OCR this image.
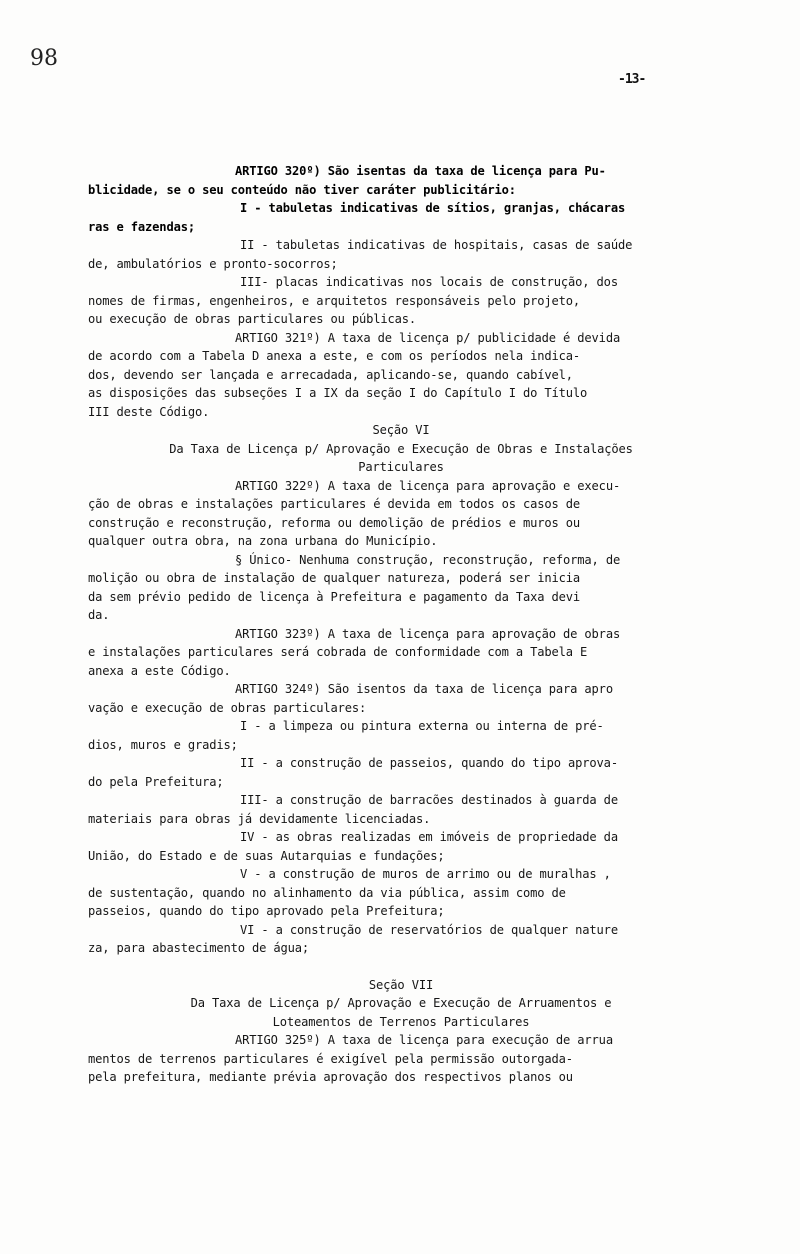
98
-13-
ARTIGO 320º) São isentas da taxa de licença para Pu-
blicidade, se o seu conteúdo não tiver caráter publicitário:
I - tabuletas indicativas de sítios, granjas, chácaras
ras e fazendas;
II - tabuletas indicativas de hospitais, casas de saúde
de, ambulatórios e pronto-socorros;
III- placas indicativas nos locais de construção, dos
nomes de firmas, engenheiros, e arquitetos responsáveis pelo projeto,
ou execução de obras particulares ou públicas.
ARTIGO 321º) A taxa de licença p/ publicidade é devida
de acordo com a Tabela D anexa a este, e com os períodos nela indica-
dos, devendo ser lançada e arrecadada, aplicando-se, quando cabível,
as disposições das subseções I a IX da seção I do Capítulo I do Título
III deste Código.
Seção VI
Da Taxa de Licença p/ Aprovação e Execução de Obras e Instalações
Particulares
ARTIGO 322º) A taxa de licença para aprovação e execu-
ção de obras e instalações particulares é devida em todos os casos de
construção e reconstrução, reforma ou demolição de prédios e muros ou
qualquer outra obra, na zona urbana do Município.
§ Único- Nenhuma construção, reconstrução, reforma, de
molição ou obra de instalação de qualquer natureza, poderá ser inicia
da sem prévio pedido de licença à Prefeitura e pagamento da Taxa devi
da.
ARTIGO 323º) A taxa de licença para aprovação de obras
e instalações particulares será cobrada de conformidade com a Tabela E
anexa a este Código.
ARTIGO 324º) São isentos da taxa de licença para apro
vação e execução de obras particulares:
I - a limpeza ou pintura externa ou interna de pré-
dios, muros e gradis;
II - a construção de passeios, quando do tipo aprova-
do pela Prefeitura;
III- a construção de barracões destinados à guarda de
materiais para obras já devidamente licenciadas.
IV - as obras realizadas em imóveis de propriedade da
União, do Estado e de suas Autarquias e fundações;
V - a construção de muros de arrimo ou de muralhas ,
de sustentação, quando no alinhamento da via pública, assim como de
passeios, quando do tipo aprovado pela Prefeitura;
VI - a construção de reservatórios de qualquer nature
za, para abastecimento de água;
Seção VII
Da Taxa de Licença p/ Aprovação e Execução de Arruamentos e
Loteamentos de Terrenos Particulares
ARTIGO 325º) A taxa de licença para execução de arrua
mentos de terrenos particulares é exigível pela permissão outorgada-
pela prefeitura, mediante prévia aprovação dos respectivos planos ou
